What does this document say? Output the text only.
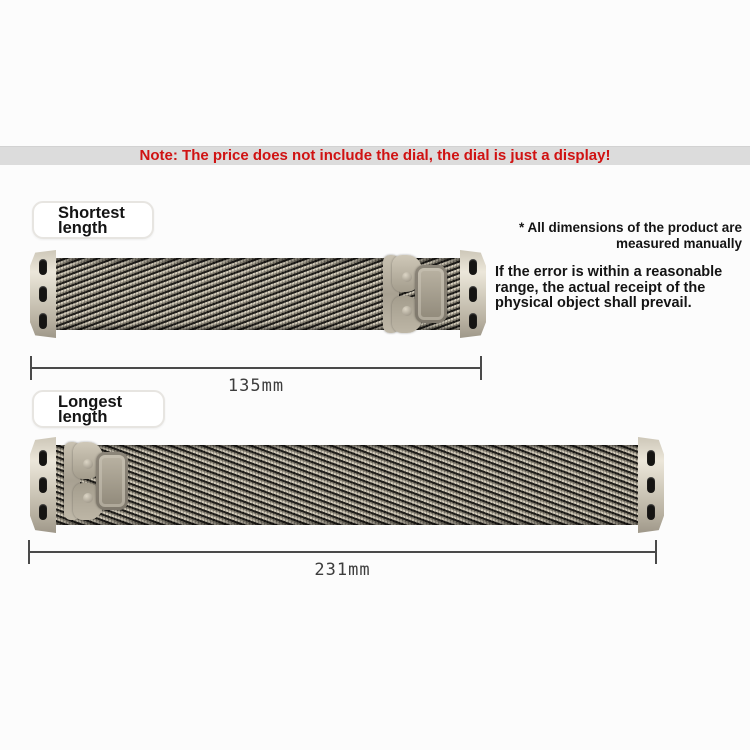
Note: The price does not include the dial, the dial is just a display!
Shortest
length	* All dimensions of the product are
measured manually
If the error is within a reasonable
range, the actual receipt of the
physical object shall prevail.
135mm
Longest
length
231mm
